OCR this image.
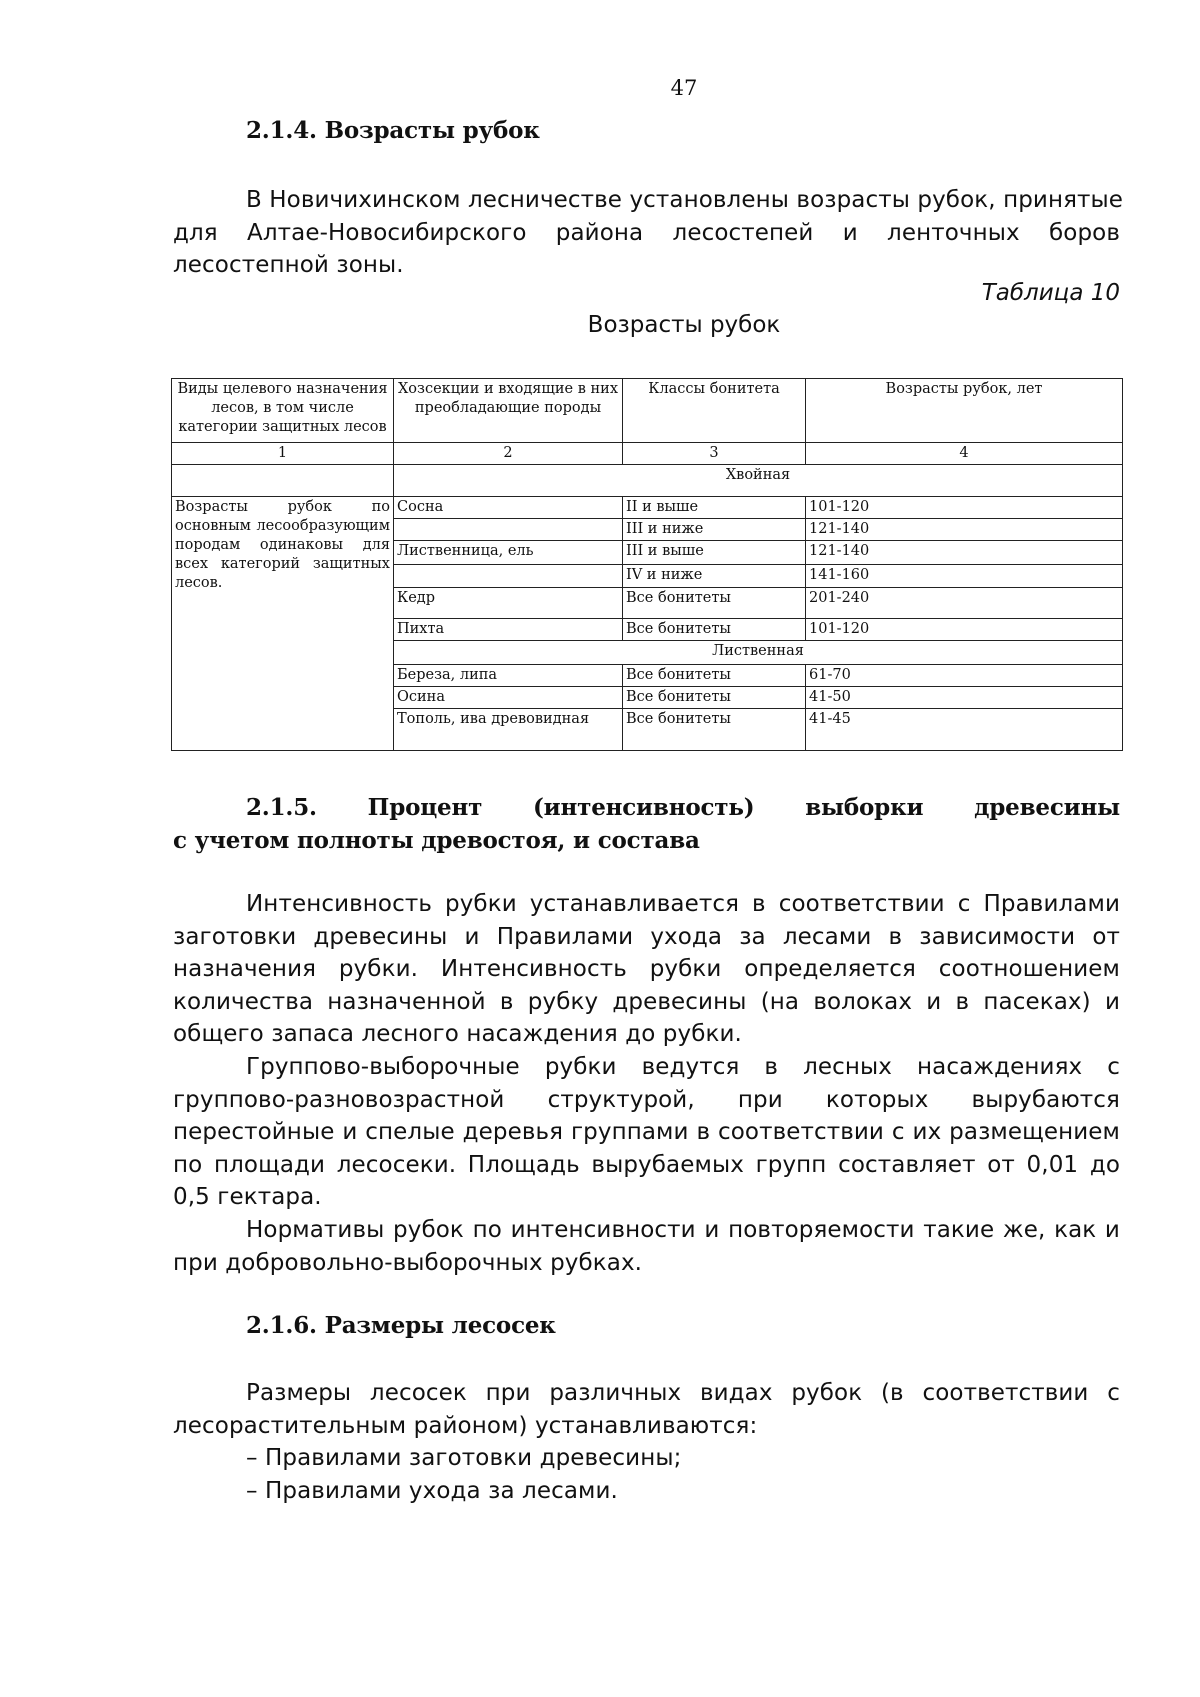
47
2.1.4. Возрасты рубок
В Новичихинском лесничестве установлены возрасты рубок, принятые
для Алтае-Новосибирского района лесостепей и ленточных боров
лесостепной зоны.
Таблица 10
Возрасты рубок
Виды целевого назначения лесов, в том числе категории защитных лесов	Хозсекции и входящие в них преобладающие породы	Классы бонитета	Возрасты рубок, лет
1	2	3	4
	Хвойная		
Возрасты рубок по основным лесообразующим породам одинаковы для всех категорий защитных лесов.	Сосна	II и выше	101-120
		III и ниже	121-140
	Лиственница, ель	III и выше	121-140
		IV и ниже	141-160
	Кедр	Все бонитеты	201-240
	Пихта	Все бонитеты	101-120
	Лиственная		
	Береза, липа	Все бонитеты	61-70
	Осина	Все бонитеты	41-50
	Тополь, ива древовидная	Все бонитеты	41-45
2.1.5. Процент (интенсивность) выборки древесины
с учетом полноты древостоя, и состава
Интенсивность рубки устанавливается в соответствии с Правилами
заготовки древесины и Правилами ухода за лесами в зависимости от
назначения рубки. Интенсивность рубки определяется соотношением
количества назначенной в рубку древесины (на волоках и в пасеках) и
общего запаса лесного насаждения до рубки.
Группово-выборочные рубки ведутся в лесных насаждениях с
группово-разновозрастной структурой, при которых вырубаются
перестойные и спелые деревья группами в соответствии с их размещением
по площади лесосеки. Площадь вырубаемых групп составляет от 0,01 до
0,5 гектара.
Нормативы рубок по интенсивности и повторяемости такие же, как и
при добровольно-выборочных рубках.
2.1.6. Размеры лесосек
Размеры лесосек при различных видах рубок (в соответствии с
лесорастительным районом) устанавливаются:
– Правилами заготовки древесины;
– Правилами ухода за лесами.
